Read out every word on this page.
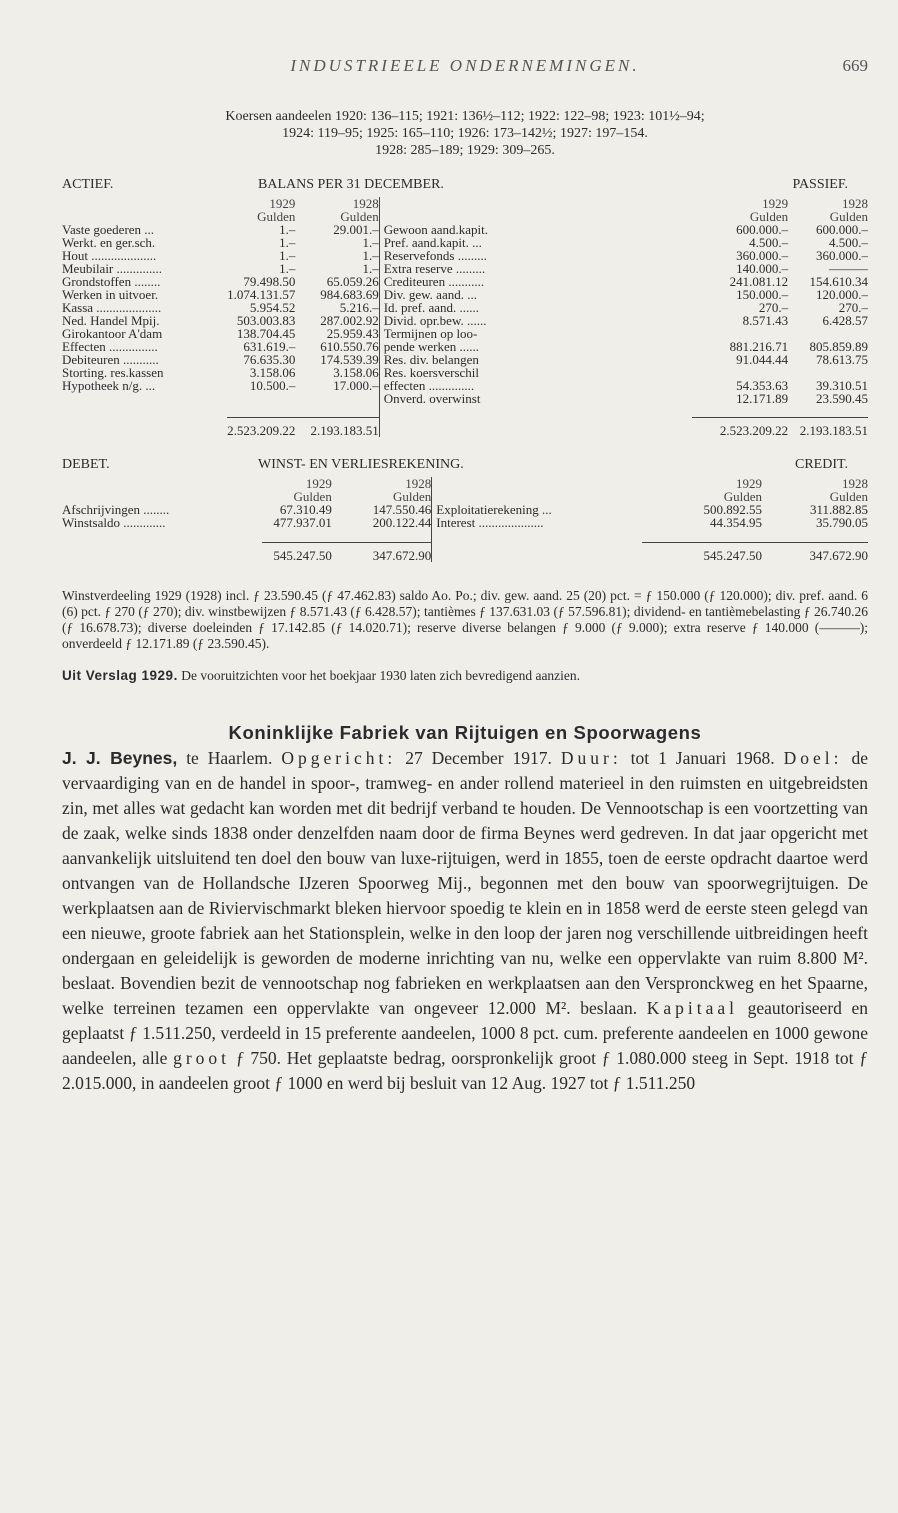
INDUSTRIEELE ONDERNEMINGEN.	669
Koersen aandeelen 1920: 136–115; 1921: 136½–112; 1922: 122–98; 1923: 101½–94;
1924: 119–95; 1925: 165–110; 1926: 173–142½; 1927: 197–154.
1928: 285–189; 1929: 309–265.
ACTIEF.	BALANS PER 31 DECEMBER.	PASSIEF.
	1929	1928			1929	1928
	Gulden	Gulden			Gulden	Gulden
Vaste goederen ...	1.–	29.001.–	Gewoon aand.kapit.		600.000.–	600.000.–
Werkt. en ger.sch.	1.–	1.–	Pref. aand.kapit. ...		4.500.–	4.500.–
Hout ....................	1.–	1.–	Reservefonds .........		360.000.–	360.000.–
Meubilair ..............	1.–	1.–	Extra reserve .........		140.000.–	———
Grondstoffen ........	79.498.50	65.059.26	Crediteuren ...........		241.081.12	154.610.34
Werken in uitvoer.	1.074.131.57	984.683.69	Div. gew. aand. ...		150.000.–	120.000.–
Kassa ....................	5.954.52	5.216.–	Id. pref. aand. ......		270.–	270.–
Ned. Handel Mpij.	503.003.83	287.002.92	Divid. opr.bew. ......		8.571.43	6.428.57
Girokantoor A'dam	138.704.45	25.959.43	Termijnen op loo-			
Effecten ...............	631.619.–	610.550.76	pende werken ......		881.216.71	805.859.89
Debiteuren ...........	76.635.30	174.539.39	Res. div. belangen		91.044.44	78.613.75
Storting. res.kassen	3.158.06	3.158.06	Res. koersverschil			
Hypotheek n/g. ...	10.500.–	17.000.–	effecten ..............		54.353.63	39.310.51
			Onverd. overwinst		12.171.89	23.590.45

	2.523.209.22	2.193.183.51			2.523.209.22	2.193.183.51
DEBET.	WINST- EN VERLIESREKENING.	CREDIT.
	1929	1928			1929	1928
	Gulden	Gulden			Gulden	Gulden
Afschrijvingen ........	67.310.49	147.550.46		Exploitatierekening ...	500.892.55	311.882.85
Winstsaldo .............	477.937.01	200.122.44		Interest ....................	44.354.95	35.790.05

	545.247.50	347.672.90			545.247.50	347.672.90

Winstverdeeling 1929 (1928) incl. ƒ 23.590.45 (ƒ 47.462.83) saldo Ao. Po.; div. gew. aand. 25 (20) pct. = ƒ 150.000 (ƒ 120.000); div. pref. aand. 6 (6) pct. ƒ 270 (ƒ 270); div. winstbewijzen ƒ 8.571.43 (ƒ 6.428.57); tantièmes ƒ 137.631.03 (ƒ 57.596.81); dividend- en tantièmebelasting ƒ 26.740.26 (ƒ 16.678.73); diverse doeleinden ƒ 17.142.85 (ƒ 14.020.71); reserve diverse belangen ƒ 9.000 (ƒ 9.000); extra reserve ƒ 140.000 (———); onverdeeld ƒ 12.171.89 (ƒ 23.590.45).

Uit Verslag 1929. De vooruitzichten voor het boekjaar 1930 laten zich bevredigend aanzien.

Koninklijke Fabriek van Rijtuigen en Spoorwagens

J. J. Beynes, te Haarlem. Opgericht: 27 December 1917. Duur: tot 1 Januari 1968. Doel: de vervaardiging van en de handel in spoor-, tramweg- en ander rollend materieel in den ruimsten en uitgebreidsten zin, met alles wat gedacht kan worden met dit bedrijf verband te houden. De Vennootschap is een voortzetting van de zaak, welke sinds 1838 onder denzelfden naam door de firma Beynes werd gedreven. In dat jaar opgericht met aanvankelijk uitsluitend ten doel den bouw van luxe-rijtuigen, werd in 1855, toen de eerste opdracht daartoe werd ontvangen van de Hollandsche IJzeren Spoorweg Mij., begonnen met den bouw van spoorwegrijtuigen. De werkplaatsen aan de Riviervischmarkt bleken hiervoor spoedig te klein en in 1858 werd de eerste steen gelegd van een nieuwe, groote fabriek aan het Stationsplein, welke in den loop der jaren nog verschillende uitbreidingen heeft ondergaan en geleidelijk is geworden de moderne inrichting van nu, welke een oppervlakte van ruim 8.800 M². beslaat. Bovendien bezit de vennootschap nog fabrieken en werkplaatsen aan den Verspronckweg en het Spaarne, welke terreinen tezamen een oppervlakte van ongeveer 12.000 M². beslaan. Kapitaal geautoriseerd en geplaatst ƒ 1.511.250, verdeeld in 15 preferente aandeelen, 1000 8 pct. cum. preferente aandeelen en 1000 gewone aandeelen, alle groot ƒ 750. Het geplaatste bedrag, oorspronkelijk groot ƒ 1.080.000 steeg in Sept. 1918 tot ƒ 2.015.000, in aandeelen groot ƒ 1000 en werd bij besluit van 12 Aug. 1927 tot ƒ 1.511.250
